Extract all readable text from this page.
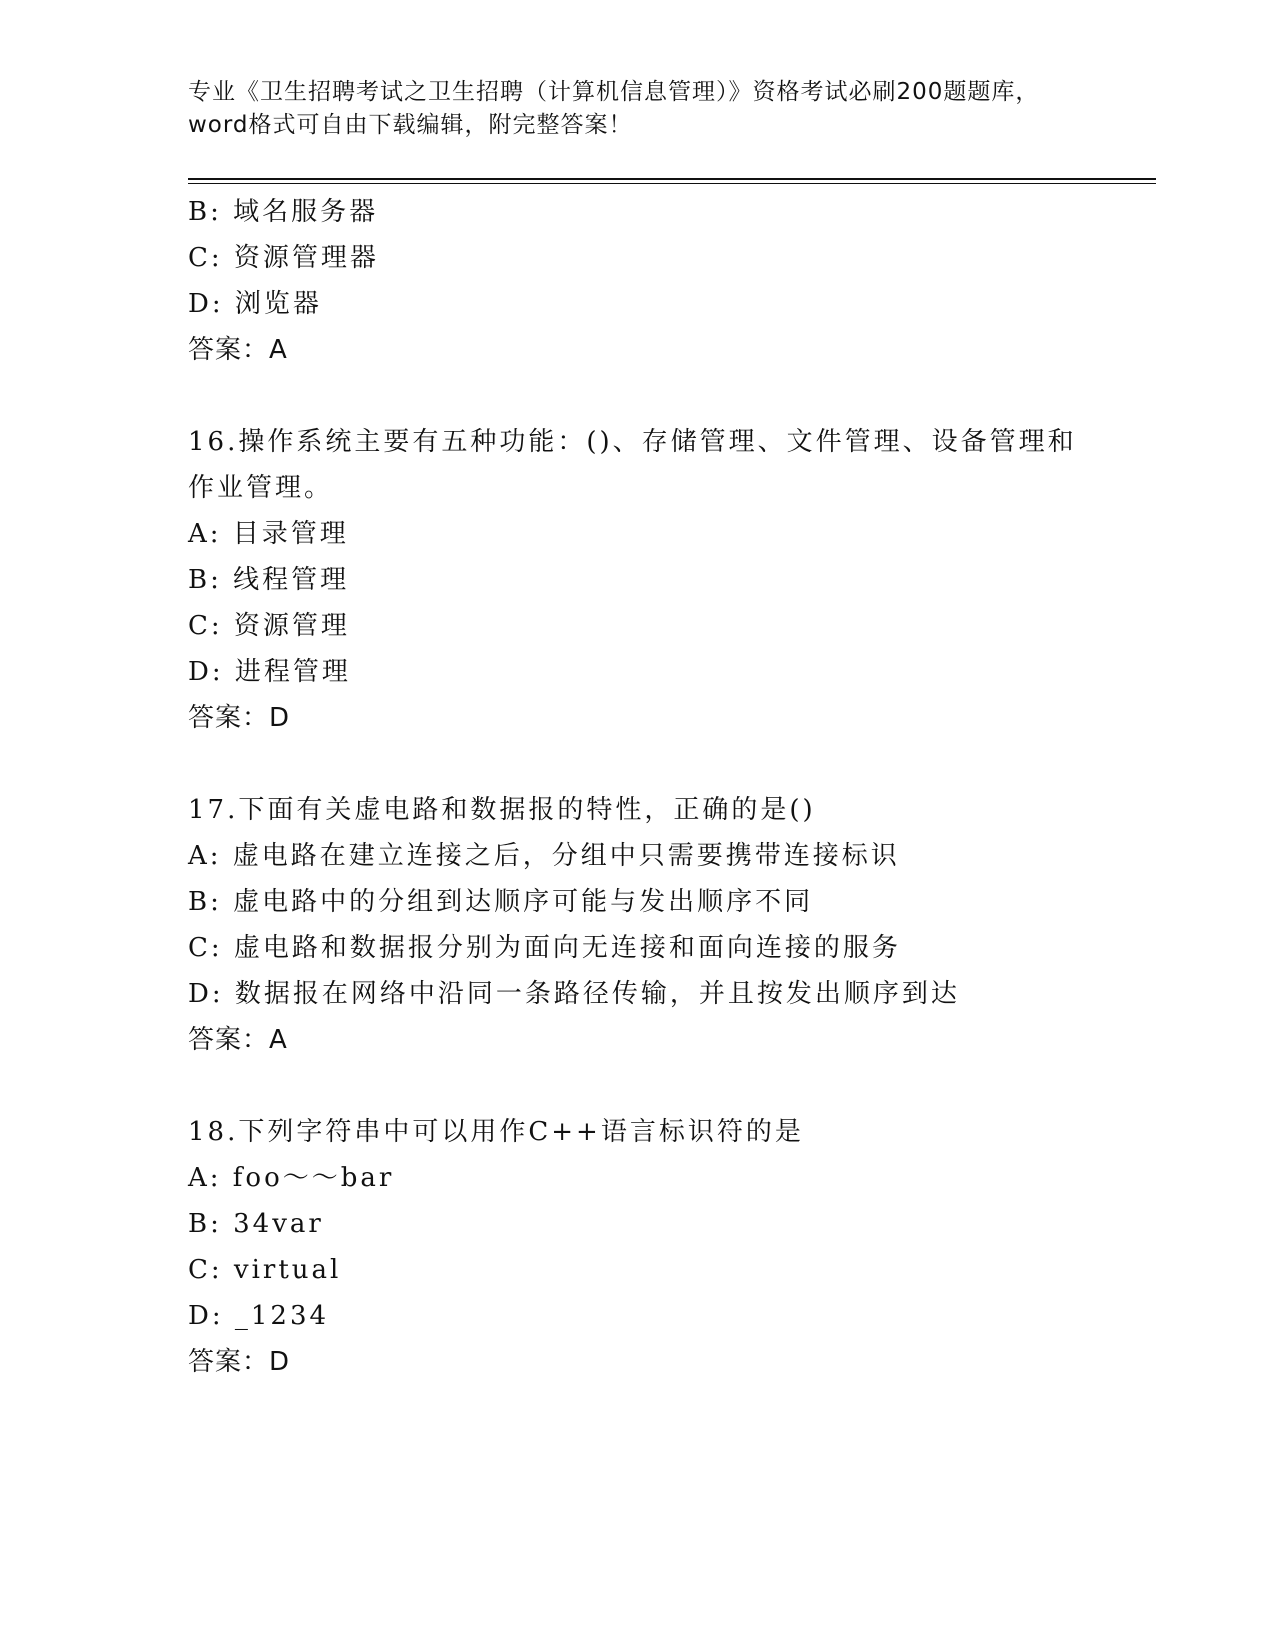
专业《卫生招聘考试之卫生招聘（计算机信息管理）》资格考试必刷200题题库，
word格式可自由下载编辑，附完整答案！
B: 域名服务器
C: 资源管理器
D: 浏览器
答案：A
16.操作系统主要有五种功能：()、存储管理、文件管理、设备管理和
作业管理。
A: 目录管理
B: 线程管理
C: 资源管理
D: 进程管理
答案：D
17.下面有关虚电路和数据报的特性，正确的是()
A: 虚电路在建立连接之后，分组中只需要携带连接标识
B: 虚电路中的分组到达顺序可能与发出顺序不同
C: 虚电路和数据报分别为面向无连接和面向连接的服务
D: 数据报在网络中沿同一条路径传输，并且按发出顺序到达
答案：A
18.下列字符串中可以用作C++语言标识符的是
A: foo～～bar
B: 34var
C: virtual
D: _1234
答案：D
